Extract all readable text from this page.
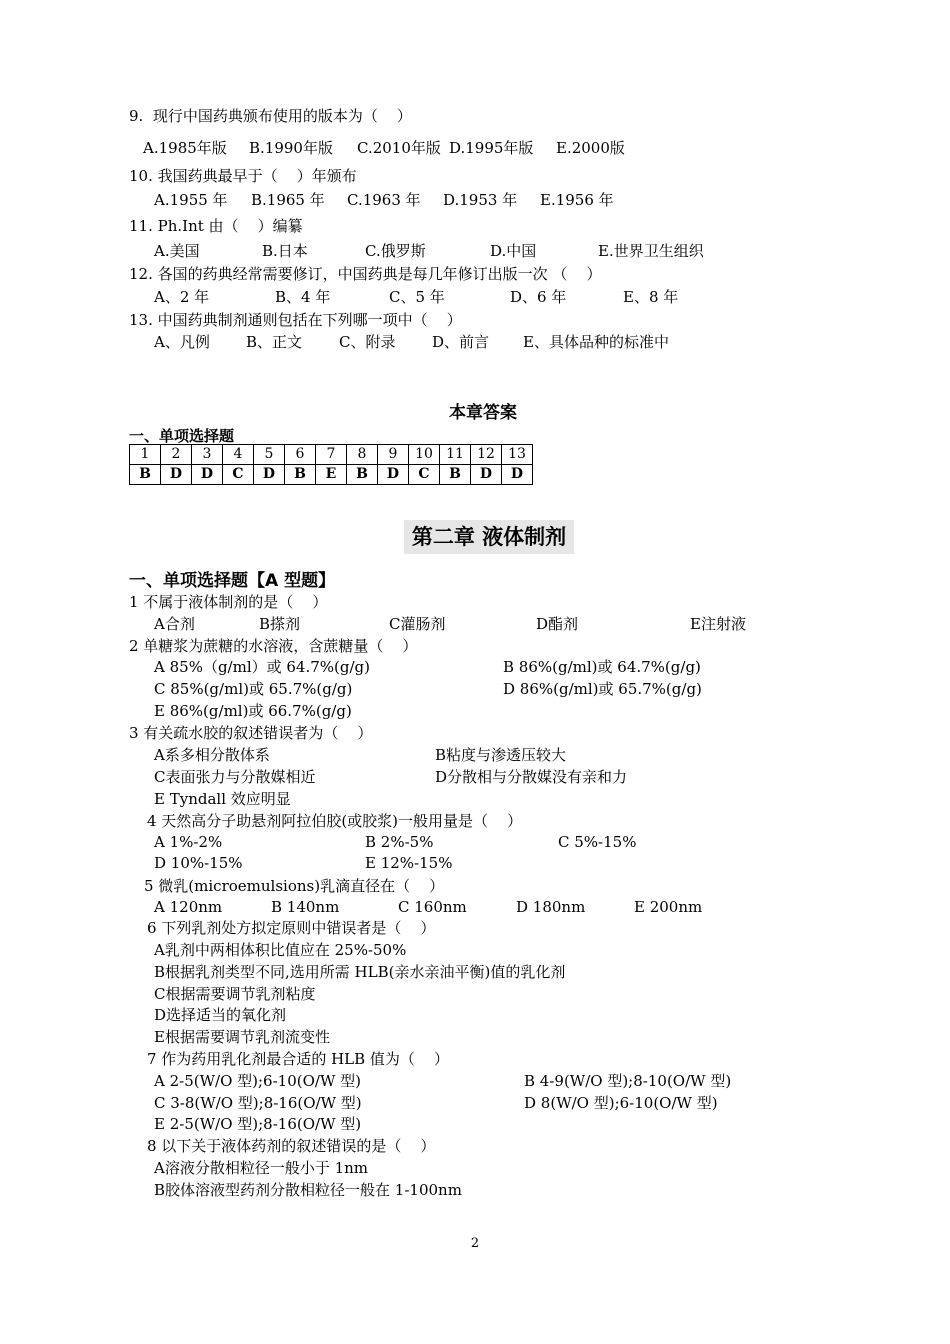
9.  现行中国药典颁布使用的版本为（    ）
A.1985年版 B.1990年版 C.2010年版 D.1995年版 E.2000版
10. 我国药典最早于（    ）年颁布
A.1955 年 B.1965 年 C.1963 年 D.1953 年 E.1956 年
11. Ph.Int 由（    ）编纂
A.美国	B.日本	C.俄罗斯	D.中国	E.世界卫生组织
12. 各国的药典经常需要修订，中国药典是每几年修订出版一次 （    ）
A、2 年	B、4 年	C、5 年	D、6 年	E、8 年
13. 中国药典制剂通则包括在下列哪一项中（    ）
A、凡例 B、正文 C、附录 D、前言 E、具体品种的标准中
本章答案
一、单项选择题
1	2	3	4	5	6	7	8	9	10	11	12	13
B	D	D	C	D	B	E	B	D	C	B	D	D
第二章 液体制剂
一、单项选择题【A 型题】
1 不属于液体制剂的是（    ）
A合剂	B搽剂	C灌肠剂	D酯剂	E注射液
2 单糖浆为蔗糖的水溶液，含蔗糖量（    ）
A 85%（g/ml）或 64.7%(g/g)	B 86%(g/ml)或 64.7%(g/g)
C 85%(g/ml)或 65.7%(g/g)	D 86%(g/ml)或 65.7%(g/g)
E 86%(g/ml)或 66.7%(g/g)
3 有关疏水胶的叙述错误者为（    ）
A系多相分散体系	B粘度与渗透压较大
C表面张力与分散媒相近	D分散相与分散媒没有亲和力
E Tyndall 效应明显
4 天然高分子助悬剂阿拉伯胶(或胶浆)一般用量是（    ）
A 1%-2%	B 2%-5%	C 5%-15%
D 10%-15%	E 12%-15%
5 微乳(microemulsions)乳滴直径在（    ）
A 120nm	B 140nm	C 160nm	D 180nm	E 200nm
6 下列乳剂处方拟定原则中错误者是（    ）
A乳剂中两相体积比值应在 25%-50%
B根据乳剂类型不同,选用所需 HLB(亲水亲油平衡)值的乳化剂
C根据需要调节乳剂粘度
D选择适当的氧化剂
E根据需要调节乳剂流变性
7 作为药用乳化剂最合适的 HLB 值为（    ）
A 2-5(W/O 型);6-10(O/W 型)	B 4-9(W/O 型);8-10(O/W 型)
C 3-8(W/O 型);8-16(O/W 型)	D 8(W/O 型);6-10(O/W 型)
E 2-5(W/O 型);8-16(O/W 型)
8 以下关于液体药剂的叙述错误的是（    ）
A溶液分散相粒径一般小于 1nm
B胶体溶液型药剂分散相粒径一般在 1-100nm
2
